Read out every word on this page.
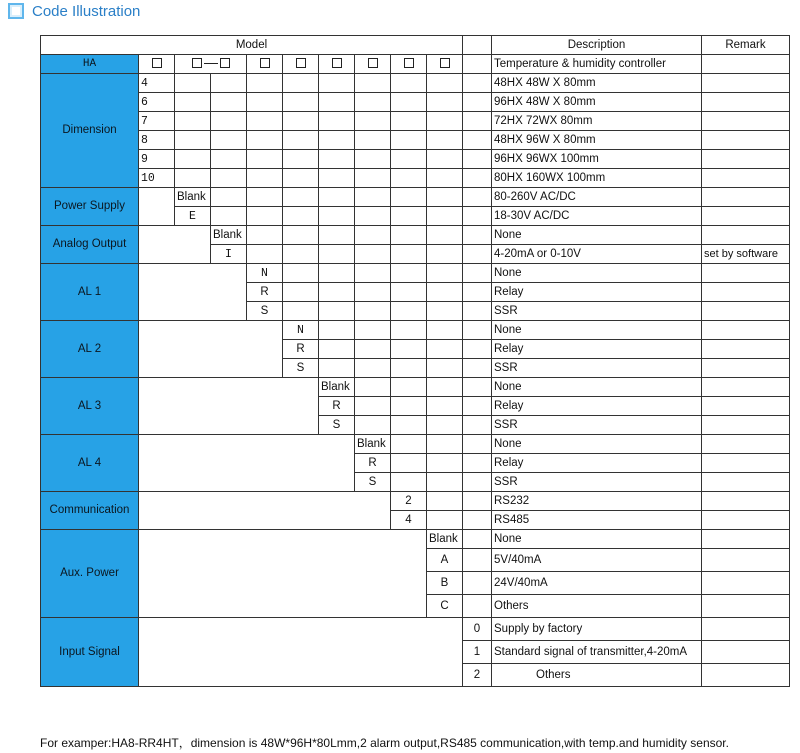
Code Illustration
Model											Description	Remark
HA											Temperature & humidity controller	
Dimension	4										48HX 48W X 80mm	
	6										96HX 48W X 80mm	
	7										72HX 72WX 80mm	
	8										48HX 96W X 80mm	
	9										96HX 96WX 100mm	
	10										80HX 160WX 100mm	
Power Supply		Blank									80-260V AC/DC	
		E									18-30V AC/DC	
Analog Output			Blank								None	
			I								4-20mA or 0-10V	set by software
AL 1				N							None	
				R							Relay	
				S							SSR	
AL 2					N						None	
					R						Relay	
					S						SSR	
AL 3						Blank					None	
						R					Relay	
						S					SSR	
AL 4							Blank				None	
							R				Relay	
							S				SSR	
Communication								2			RS232	
								4			RS485	
Aux. Power									Blank		None	
									A		5V/40mA	
									B		24V/40mA	
									C		Others	
Input Signal										0	Supply by factory	
										1	Standard signal of transmitter,4-20mA	
										2	Others	
For examper:HA8-RR4HT，dimension is 48W*96H*80Lmm,2 alarm output,RS485 communication,with temp.and humidity sensor.
